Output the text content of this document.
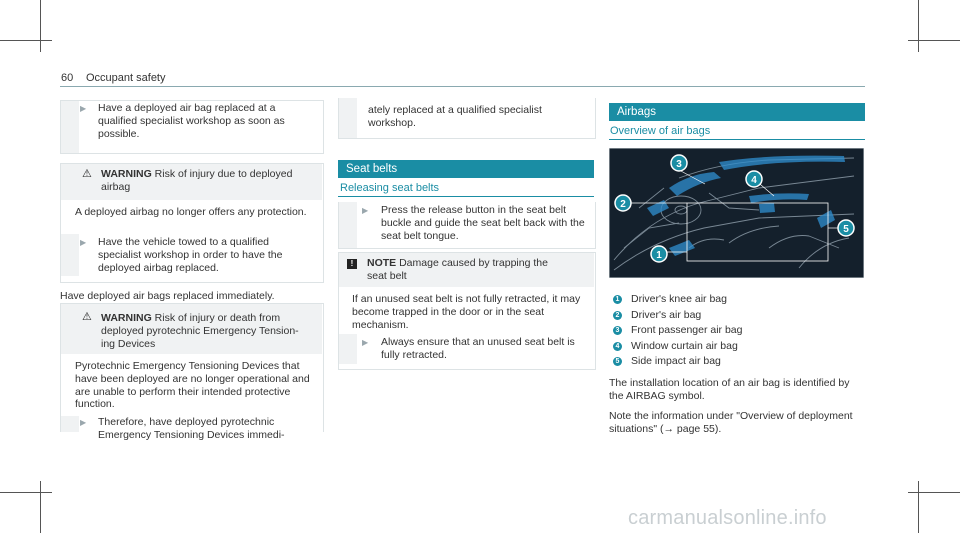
60 Occupant safety
▶ Have a deployed air bag replaced at a qualified specialist workshop as soon as possible.
⚠ WARNING Risk of injury due to deployed airbag
A deployed airbag no longer offers any protection.
▶ Have the vehicle towed to a qualified specialist workshop in order to have the deployed airbag replaced.
Have deployed air bags replaced immediately.
⚠ WARNING Risk of injury or death from deployed pyrotechnic Emergency Tension-ing Devices
Pyrotechnic Emergency Tensioning Devices that have been deployed are no longer operational and are unable to perform their intended protective function.
▶ Therefore, have deployed pyrotechnic Emergency Tensioning Devices immedi-
ately replaced at a qualified specialist workshop.
Seat belts
Releasing seat belts
▶ Press the release button in the seat belt buckle and guide the seat belt back with the seat belt tongue.
!	NOTE Damage caused by trapping the seat belt
If an unused seat belt is not fully retracted, it may become trapped in the door or in the seat mechanism.
▶ Always ensure that an unused seat belt is fully retracted.
Airbags
Overview of air bags
3
4
2
5
1
1 Driver's knee air bag
2 Driver's air bag
3 Front passenger air bag
4 Window curtain air bag
5 Side impact air bag
The installation location of an air bag is identified by the AIRBAG symbol.
Note the information under "Overview of deployment situations" (→ page 55).
carmanualsonline.info
